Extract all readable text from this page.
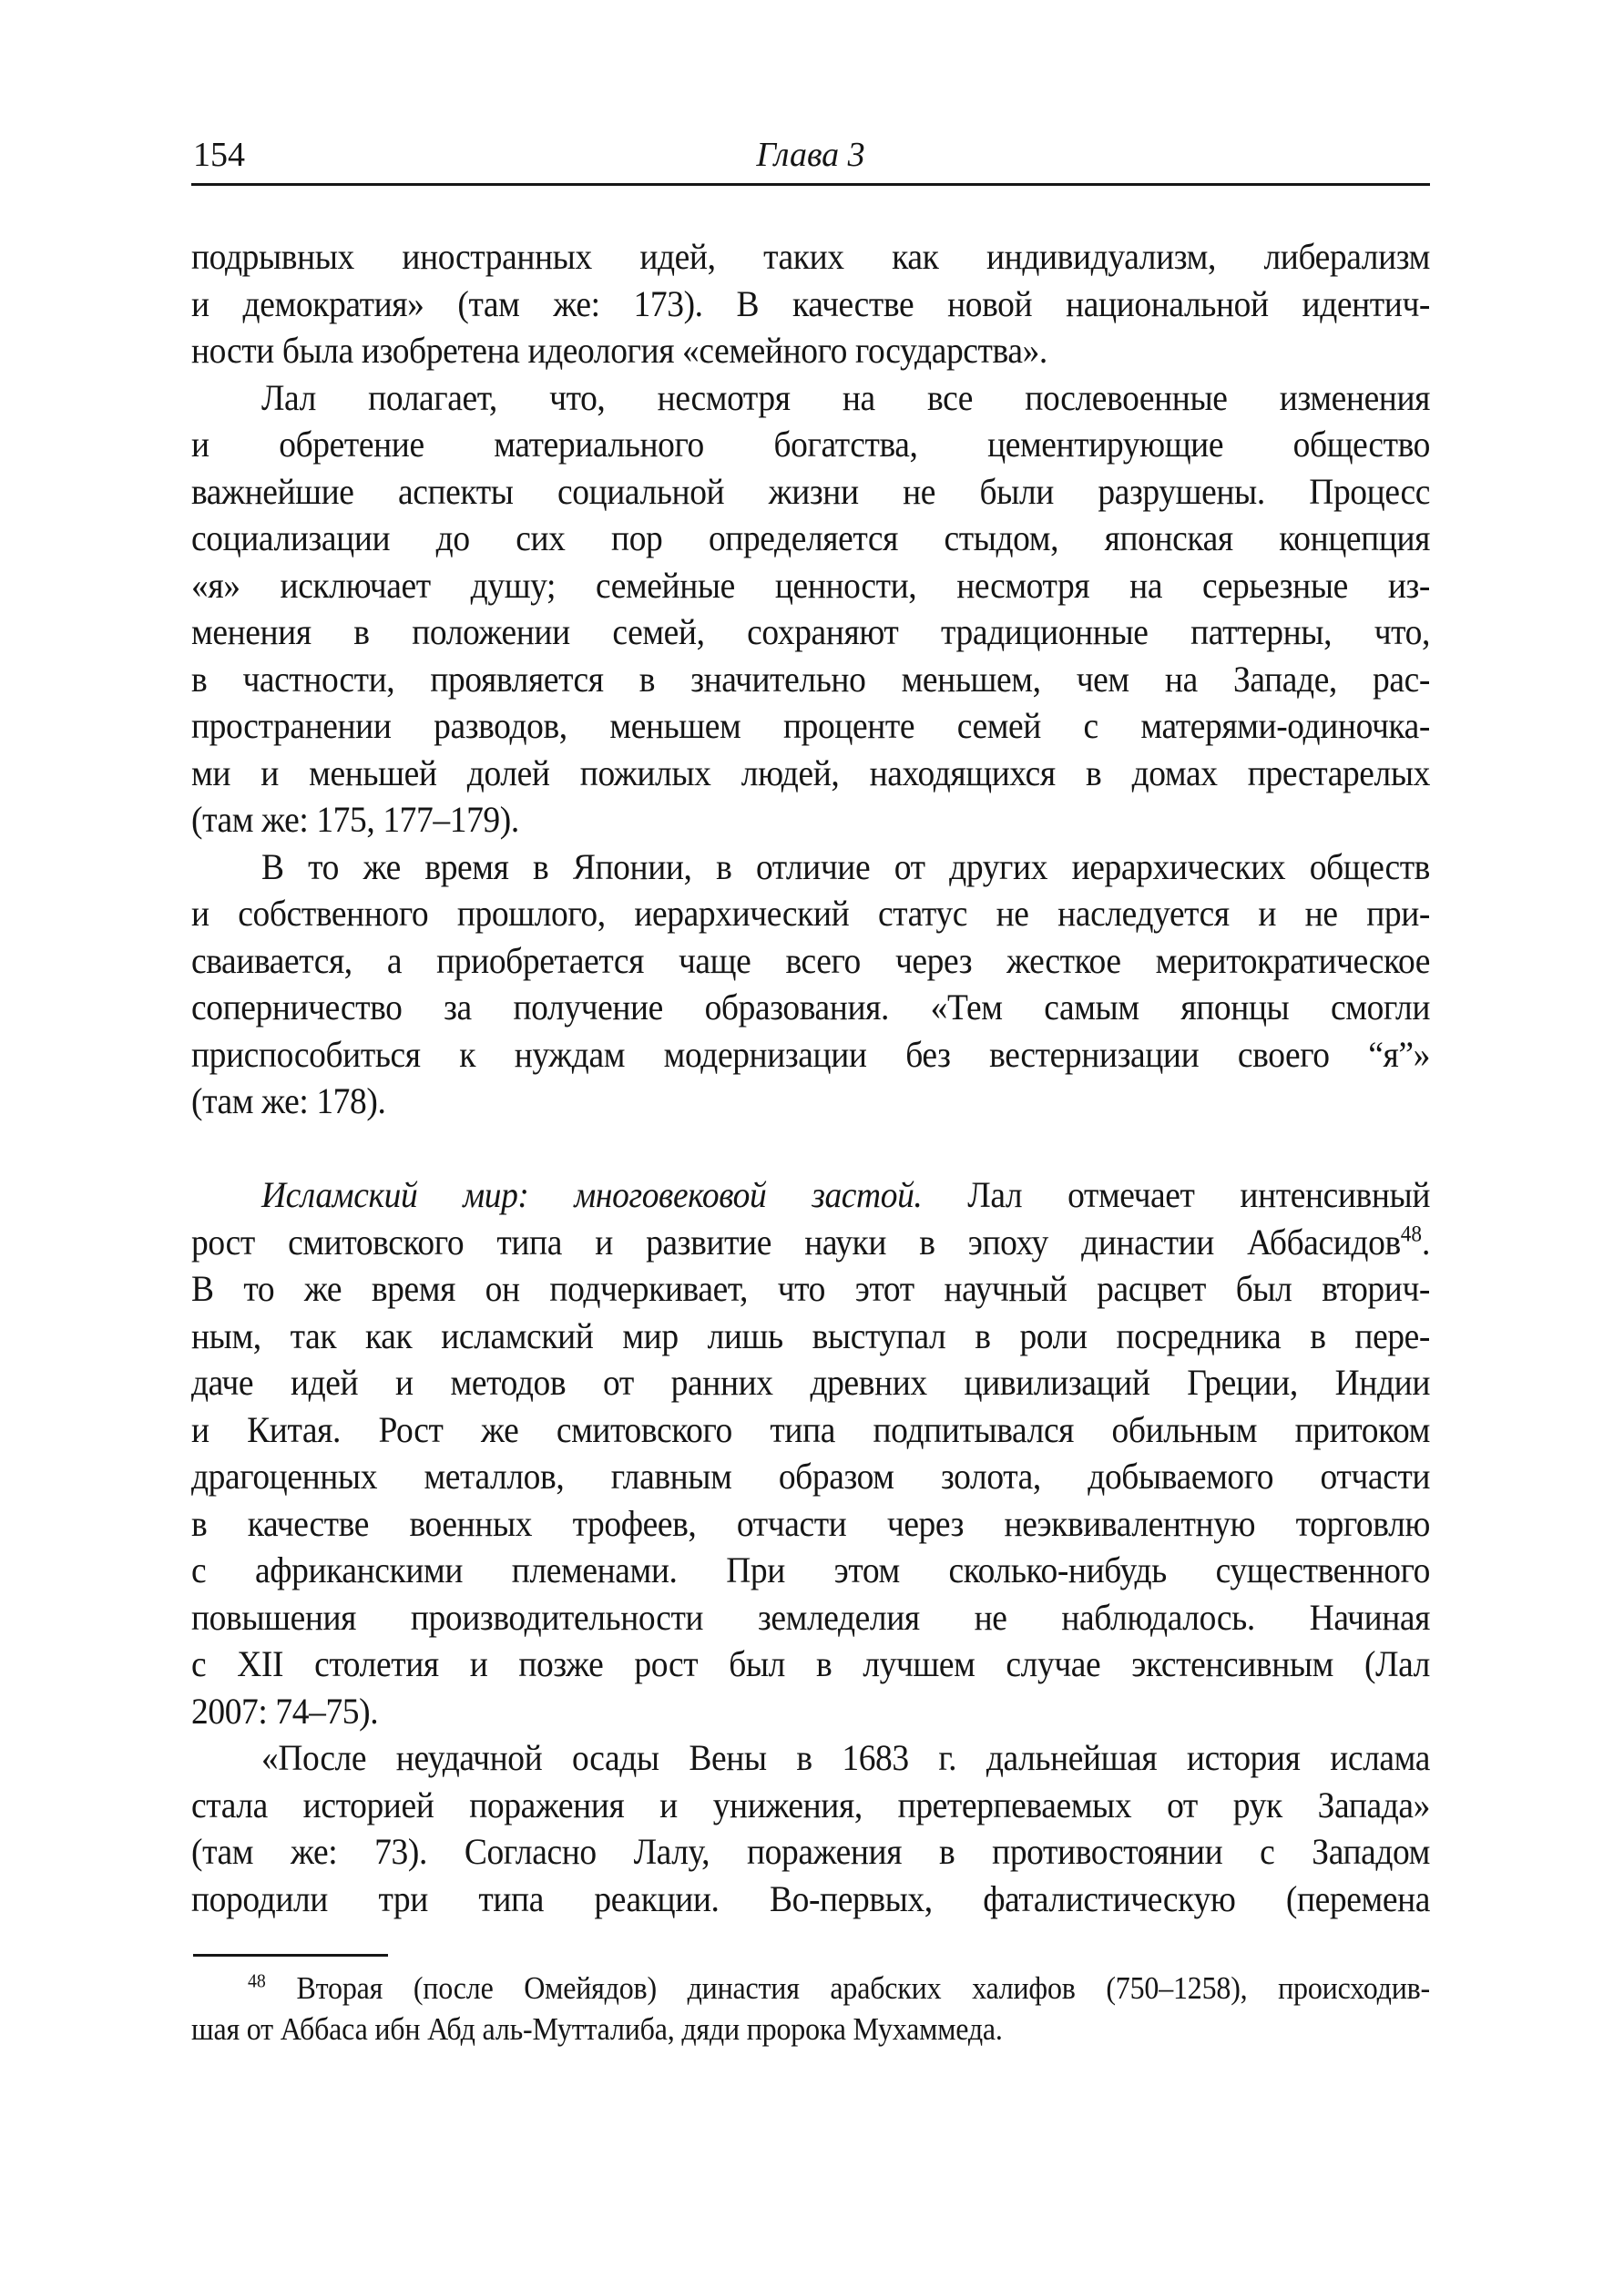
154	Глава 3
подрывных иностранных идей, таких как индивидуализм, либерализм
и демократия» (там же: 173). В качестве новой национальной идентич-
ности была изобретена идеология «семейного государства».
Лал полагает, что, несмотря на все послевоенные изменения
и обретение материального богатства, цементирующие общество
важнейшие аспекты социальной жизни не были разрушены. Процесс
социализации до сих пор определяется стыдом, японская концепция
«я» исключает душу; семейные ценности, несмотря на серьезные из-
менения в положении семей, сохраняют традиционные паттерны, что,
в частности, проявляется в значительно меньшем, чем на Западе, рас-
пространении разводов, меньшем проценте семей с матерями-одиночка-
ми и меньшей долей пожилых людей, находящихся в домах престарелых
(там же: 175, 177–179).
В то же время в Японии, в отличие от других иерархических обществ
и собственного прошлого, иерархический статус не наследуется и не при-
сваивается, а приобретается чаще всего через жесткое меритократическое
соперничество за получение образования. «Тем самым японцы смогли
приспособиться к нуждам модернизации без вестернизации своего “я”»
(там же: 178).
Исламский мир: многовековой застой. Лал отмечает интенсивный
рост смитовского типа и развитие науки в эпоху династии Аббасидов$^{48}$.
В то же время он подчеркивает, что этот научный расцвет был вторич-
ным, так как исламский мир лишь выступал в роли посредника в пере-
даче идей и методов от ранних древних цивилизаций Греции, Индии
и Китая. Рост же смитовского типа подпитывался обильным притоком
драгоценных металлов, главным образом золота, добываемого отчасти
в качестве военных трофеев, отчасти через неэквивалентную торговлю
с африканскими племенами. При этом сколько-нибудь существенного
повышения производительности земледелия не наблюдалось. Начиная
с XII столетия и позже рост был в лучшем случае экстенсивным (Лал
2007: 74–75).
«После неудачной осады Вены в 1683 г. дальнейшая история ислама
стала историей поражения и унижения, претерпеваемых от рук Запада»
(там же: 73). Согласно Лалу, поражения в противостоянии с Западом
породили три типа реакции. Во-первых, фаталистическую (перемена
$^{48}$ Вторая (после Омейядов) династия арабских халифов (750–1258), происходив-
шая от Аббаса ибн Абд аль-Мутталиба, дяди пророка Мухаммеда.
